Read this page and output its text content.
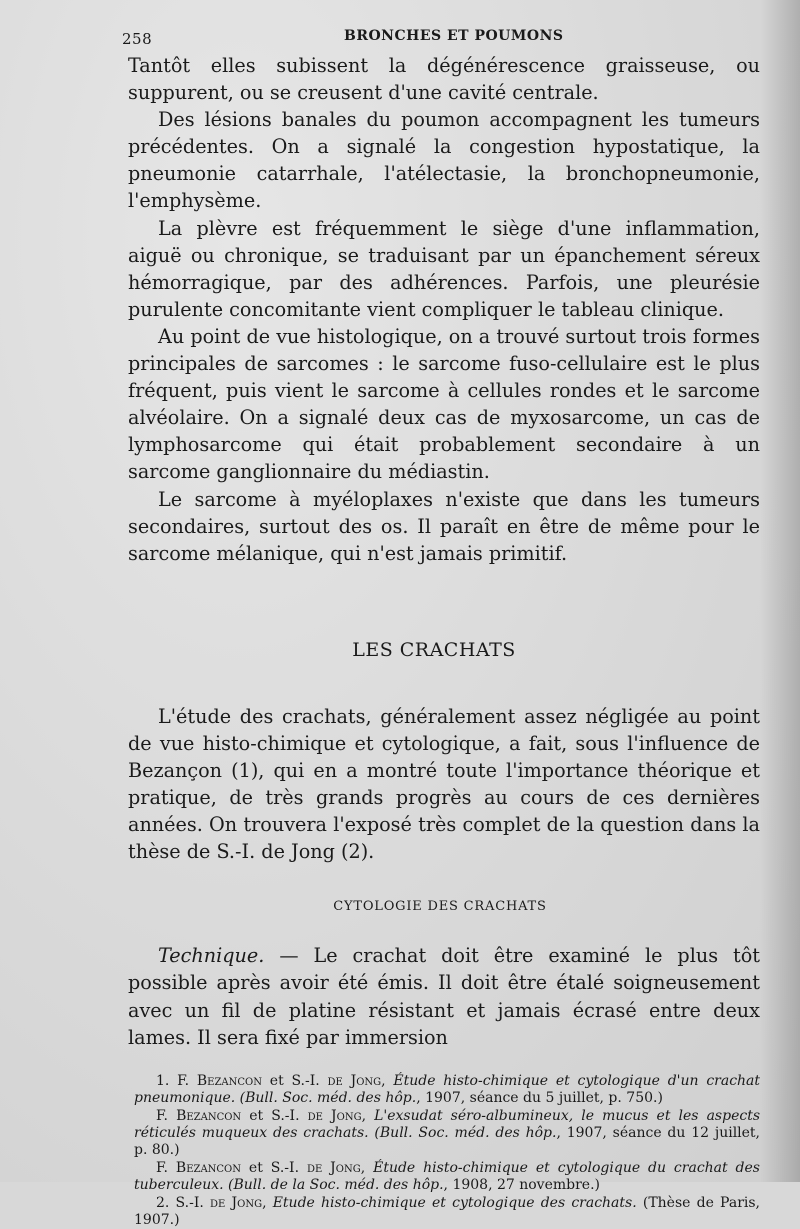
258	BRONCHES ET POUMONS

Tantôt elles subissent la dégénérescence graisseuse, ou suppurent, ou se creusent d'une cavité centrale.

Des lésions banales du poumon accompagnent les tumeurs précédentes. On a signalé la congestion hypostatique, la pneumonie catarrhale, l'atélectasie, la bronchopneumonie, l'emphysème.

La plèvre est fréquemment le siège d'une inflammation, aiguë ou chronique, se traduisant par un épanchement séreux hémorragique, par des adhérences. Parfois, une pleurésie purulente concomitante vient compliquer le tableau clinique.

Au point de vue histologique, on a trouvé surtout trois formes principales de sarcomes : le sarcome fuso-cellulaire est le plus fréquent, puis vient le sarcome à cellules rondes et le sarcome alvéolaire. On a signalé deux cas de myxosarcome, un cas de lymphosarcome qui était probablement secondaire à un sarcome ganglionnaire du médiastin.

Le sarcome à myéloplaxes n'existe que dans les tumeurs secondaires, surtout des os. Il paraît en être de même pour le sarcome mélanique, qui n'est jamais primitif.

LES CRACHATS

L'étude des crachats, généralement assez négligée au point de vue histo-chimique et cytologique, a fait, sous l'influence de Bezançon (1), qui en a montré toute l'importance théorique et pratique, de très grands progrès au cours de ces dernières années. On trouvera l'exposé très complet de la question dans la thèse de S.-I. de Jong (2).

CYTOLOGIE DES CRACHATS

Technique. — Le crachat doit être examiné le plus tôt possible après avoir été émis. Il doit être étalé soigneusement avec un fil de platine résistant et jamais écrasé entre deux lames. Il sera fixé par immersion

1. F. Bezancon et S.-I. de Jong, Étude histo-chimique et cytologique d'un crachat pneumonique. (Bull. Soc. méd. des hôp., 1907, séance du 5 juillet, p. 750.)

F. Bezancon et S.-I. de Jong, L'exsudat séro-albumineux, le mucus et les aspects réticulés muqueux des crachats. (Bull. Soc. méd. des hôp., 1907, séance du 12 juillet, p. 80.)

F. Bezancon et S.-I. de Jong, Étude histo-chimique et cytologique du crachat des tuberculeux. (Bull. de la Soc. méd. des hôp., 1908, 27 novembre.)

2. S.-I. de Jong, Etude histo-chimique et cytologique des crachats. (Thèse de Paris, 1907.)
